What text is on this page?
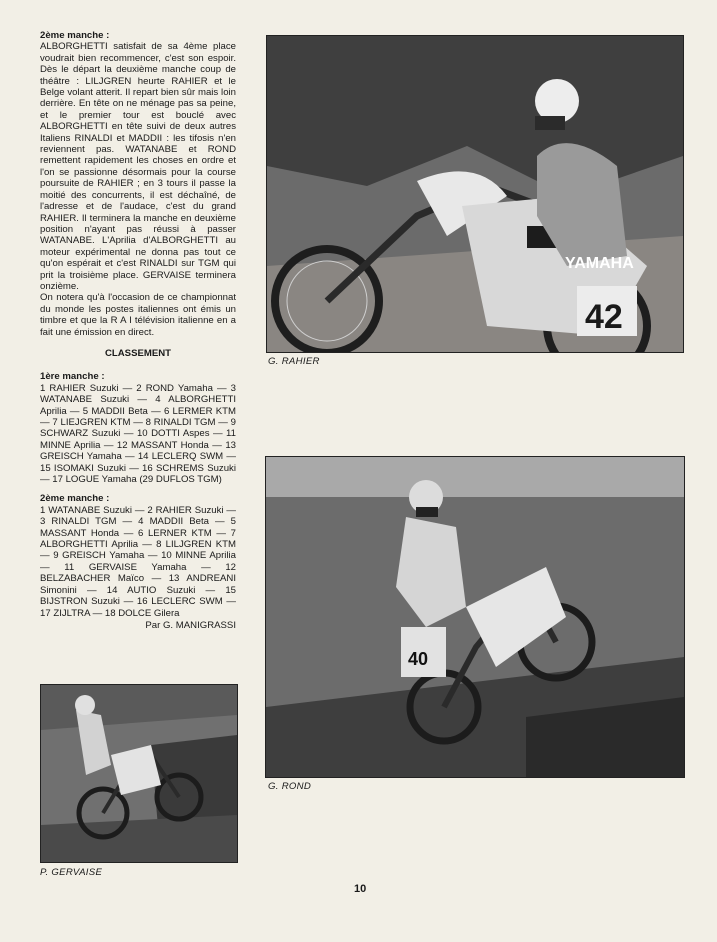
2ème manche :

ALBORGHETTI satisfait de sa 4ème place voudrait bien recommencer, c'est son espoir. Dès le départ la deuxième manche coup de théâtre : LILJGREN heurte RAHIER et le Belge volant atterit. Il repart bien sûr mais loin derrière. En tête on ne ménage pas sa peine, et le premier tour est bouclé avec ALBORGHETTI en tête suivi de deux autres Italiens RINALDI et MADDII : les tifosis n'en reviennent pas. WATANABE et ROND remettent rapidement les choses en ordre et l'on se passionne désormais pour la course poursuite de RAHIER ; en 3 tours il passe la moitié des concurrents, il est déchaîné, de l'adresse et de l'audace, c'est du grand RAHIER. Il terminera la manche en deuxième position n'ayant pas réussi à passer WATANABE. L'Aprilia d'ALBORGHETTI au moteur expérimental ne donna pas tout ce qu'on espérait et c'est RINALDI sur TGM qui prit la troisième place. GERVAISE terminera onzième.

On notera qu'à l'occasion de ce championnat du monde les postes italiennes ont émis un timbre et que la R A I télévision italienne en a fait une émission en direct.

CLASSEMENT

1ère manche :

1 RAHIER Suzuki — 2 ROND Yamaha — 3 WATANABE Suzuki — 4 ALBORGHETTI Aprilia — 5 MADDII Beta — 6 LERMER KTM — 7 LIEJGREN KTM — 8 RINALDI TGM — 9 SCHWARZ Suzuki — 10 DOTTI Aspes — 11 MINNE Aprilia — 12 MASSANT Honda — 13 GREISCH Yamaha — 14 LECLERQ SWM — 15 ISOMAKI Suzuki — 16 SCHREMS Suzuki — 17 LOGUE Yamaha (29 DUFLOS TGM)

2ème manche :

1 WATANABE Suzuki — 2 RAHIER Suzuki — 3 RINALDI TGM — 4 MADDII Beta — 5 MASSANT Honda — 6 LERNER KTM — 7 ALBORGHETTI Aprilia — 8 LILJGREN KTM — 9 GREISCH Yamaha — 10 MINNE Aprilia — 11 GERVAISE Yamaha — 12 BELZABACHER Maïco — 13 ANDREANI Simonini — 14 AUTIO Suzuki — 15 BIJSTRON Suzuki — 16 LECLERC SWM — 17 ZIJLTRA — 18 DOLCE Gilera

Par G. MANIGRASSI

YAMAHA
42
G. RAHIER
40
G. ROND
P. GERVAISE
10
